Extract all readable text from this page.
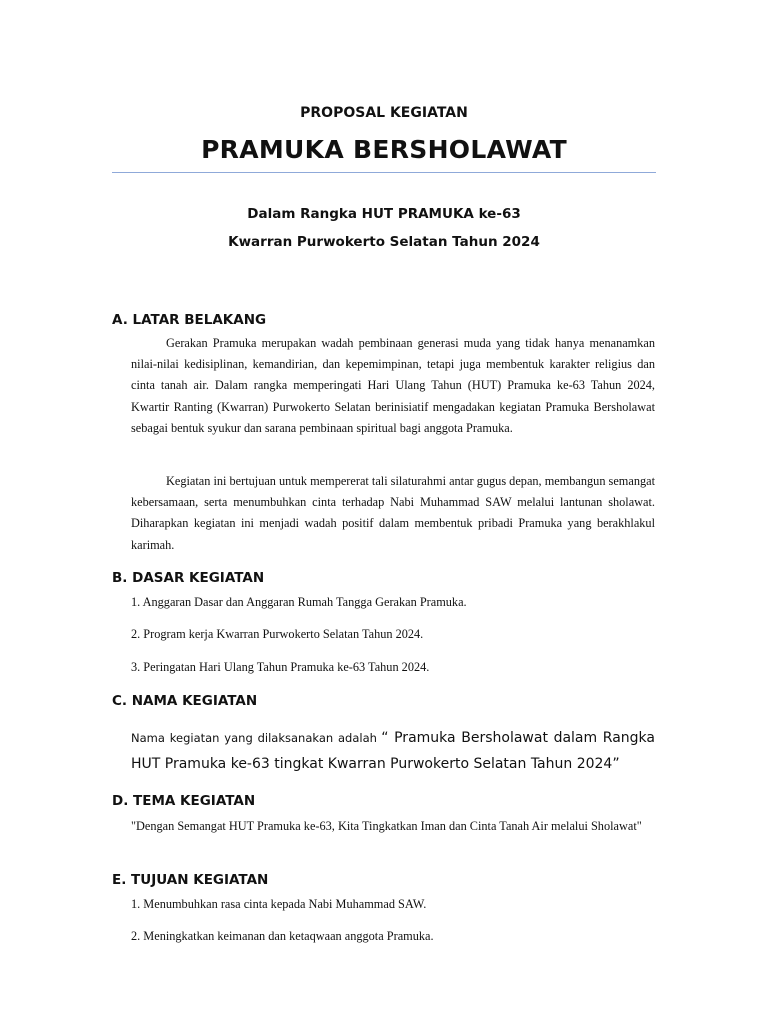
PROPOSAL KEGIATAN
PRAMUKA BERSHOLAWAT
Dalam Rangka HUT PRAMUKA ke-63
Kwarran Purwokerto Selatan Tahun 2024
A. LATAR BELAKANG

Gerakan Pramuka merupakan wadah pembinaan generasi muda yang tidak hanya menanamkan nilai-nilai kedisiplinan, kemandirian, dan kepemimpinan, tetapi juga membentuk karakter religius dan cinta tanah air. Dalam rangka memperingati Hari Ulang Tahun (HUT) Pramuka ke-63 Tahun 2024, Kwartir Ranting (Kwarran) Purwokerto Selatan berinisiatif mengadakan kegiatan Pramuka Bersholawat sebagai bentuk syukur dan sarana pembinaan spiritual bagi anggota Pramuka.

Kegiatan ini bertujuan untuk mempererat tali silaturahmi antar gugus depan, membangun semangat kebersamaan, serta menumbuhkan cinta terhadap Nabi Muhammad SAW melalui lantunan sholawat. Diharapkan kegiatan ini menjadi wadah positif dalam membentuk pribadi Pramuka yang berakhlakul karimah.

B. DASAR KEGIATAN

1. Anggaran Dasar dan Anggaran Rumah Tangga Gerakan Pramuka.

2. Program kerja Kwarran Purwokerto Selatan Tahun 2024.

3. Peringatan Hari Ulang Tahun Pramuka ke-63 Tahun 2024.

C. NAMA KEGIATAN

Nama kegiatan yang dilaksanakan adalah “ Pramuka Bersholawat dalam Rangka HUT Pramuka ke-63 tingkat Kwarran Purwokerto Selatan Tahun 2024”

D. TEMA KEGIATAN

"Dengan Semangat HUT Pramuka ke-63, Kita Tingkatkan Iman dan Cinta Tanah Air melalui Sholawat"

E. TUJUAN KEGIATAN

1. Menumbuhkan rasa cinta kepada Nabi Muhammad SAW.

2. Meningkatkan keimanan dan ketaqwaan anggota Pramuka.
